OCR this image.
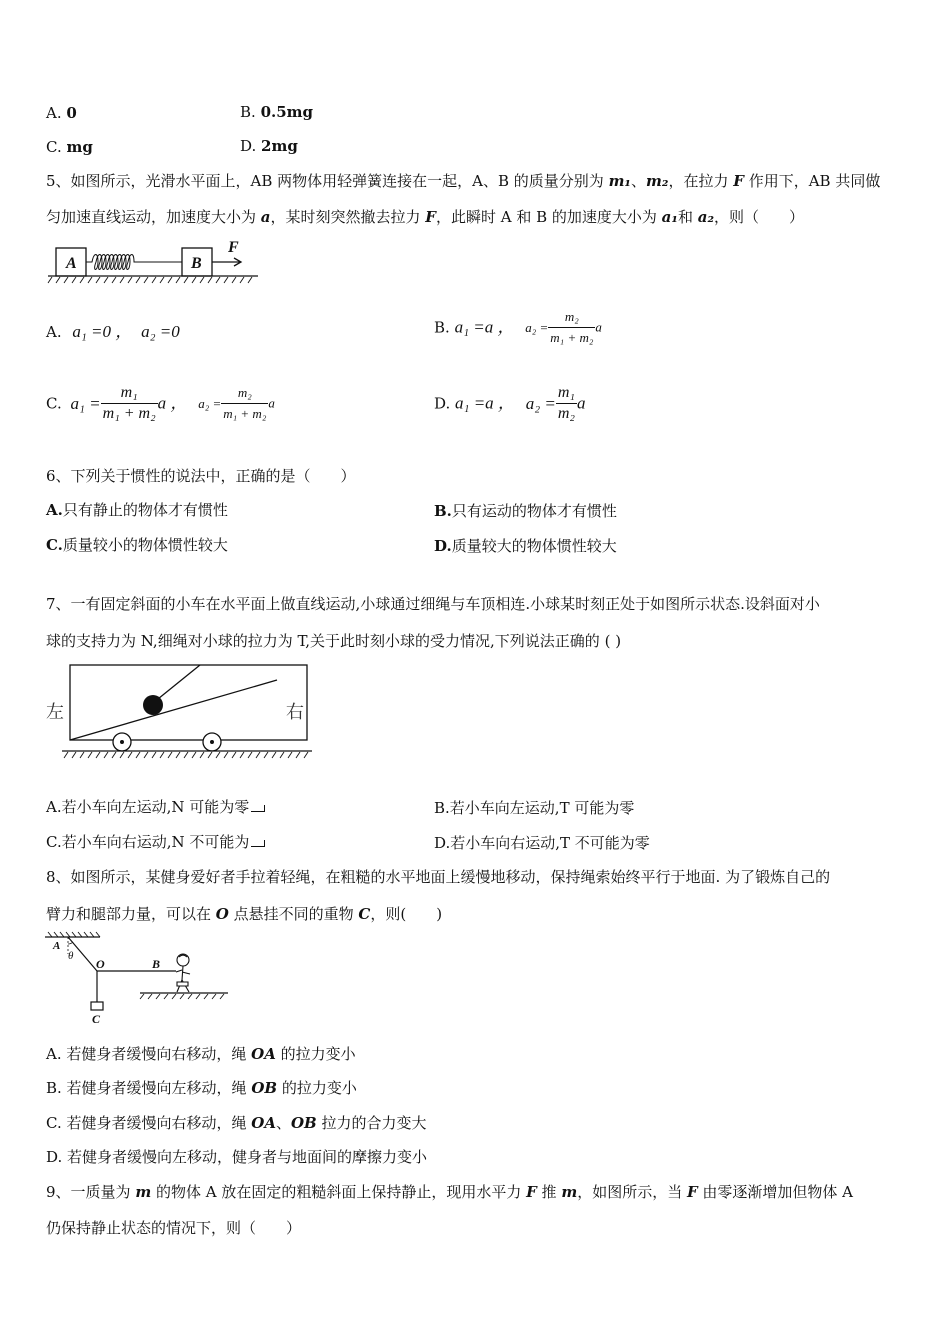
A. 0	B. 0.5mg
C. mg	D. 2mg
5、如图所示，光滑水平面上，AB 两物体用轻弹簧连接在一起，A、B 的质量分别为 m₁、m₂，在拉力 F 作用下，AB 共同做
匀加速直线运动，加速度大小为 a，某时刻突然撤去拉力 F，此瞬时 A 和 B 的加速度大小为 a₁和 a₂，则（　　）
A	B
F
A. a₁ =0 ， a₂ =0	B. a₁ =a ， $a_2 = \frac{\text{m₂}}{\text{m₁ + m₂}}$ a
C. $a_1 = \frac{\text{m₁}}{\text{m₁ + m₂}}$ a ， $a_2 = \frac{\text{m₂}}{\text{m₁ + m₂}}$ a	D. a₁ =a ， $a_2 = \frac{\text{m₁}}{\text{m₂}}$ a
6、下列关于惯性的说法中，正确的是（　　）
A.只有静止的物体才有惯性	B.只有运动的物体才有惯性
C.质量较小的物体惯性较大	D.质量较大的物体惯性较大
7、一有固定斜面的小车在水平面上做直线运动,小球通过细绳与车顶相连.小球某时刻正处于如图所示状态.设斜面对小
球的支持力为 N,细绳对小球的拉力为 T,关于此时刻小球的受力情况,下列说法正确的 ( )
左	右
A.若小车向左运动,N 可能为零	B.若小车向左运动,T 可能为零
C.若小车向右运动,N 不可能为	D.若小车向右运动,T 不可能为零
8、如图所示，某健身爱好者手拉着轻绳，在粗糙的水平地面上缓慢地移动，保持绳索始终平行于地面. 为了锻炼自己的
臂力和腿部力量，可以在 O 点悬挂不同的重物 C，则(　　)
A
θ
O	B
C
A. 若健身者缓慢向右移动，绳 OA 的拉力变小
B. 若健身者缓慢向左移动，绳 OB 的拉力变小
C. 若健身者缓慢向右移动，绳 OA、OB 拉力的合力变大
D. 若健身者缓慢向左移动，健身者与地面间的摩擦力变小
9、一质量为 m 的物体 A 放在固定的粗糙斜面上保持静止，现用水平力 F 推 m，如图所示，当 F 由零逐渐增加但物体 A
仍保持静止状态的情况下，则（　　）
